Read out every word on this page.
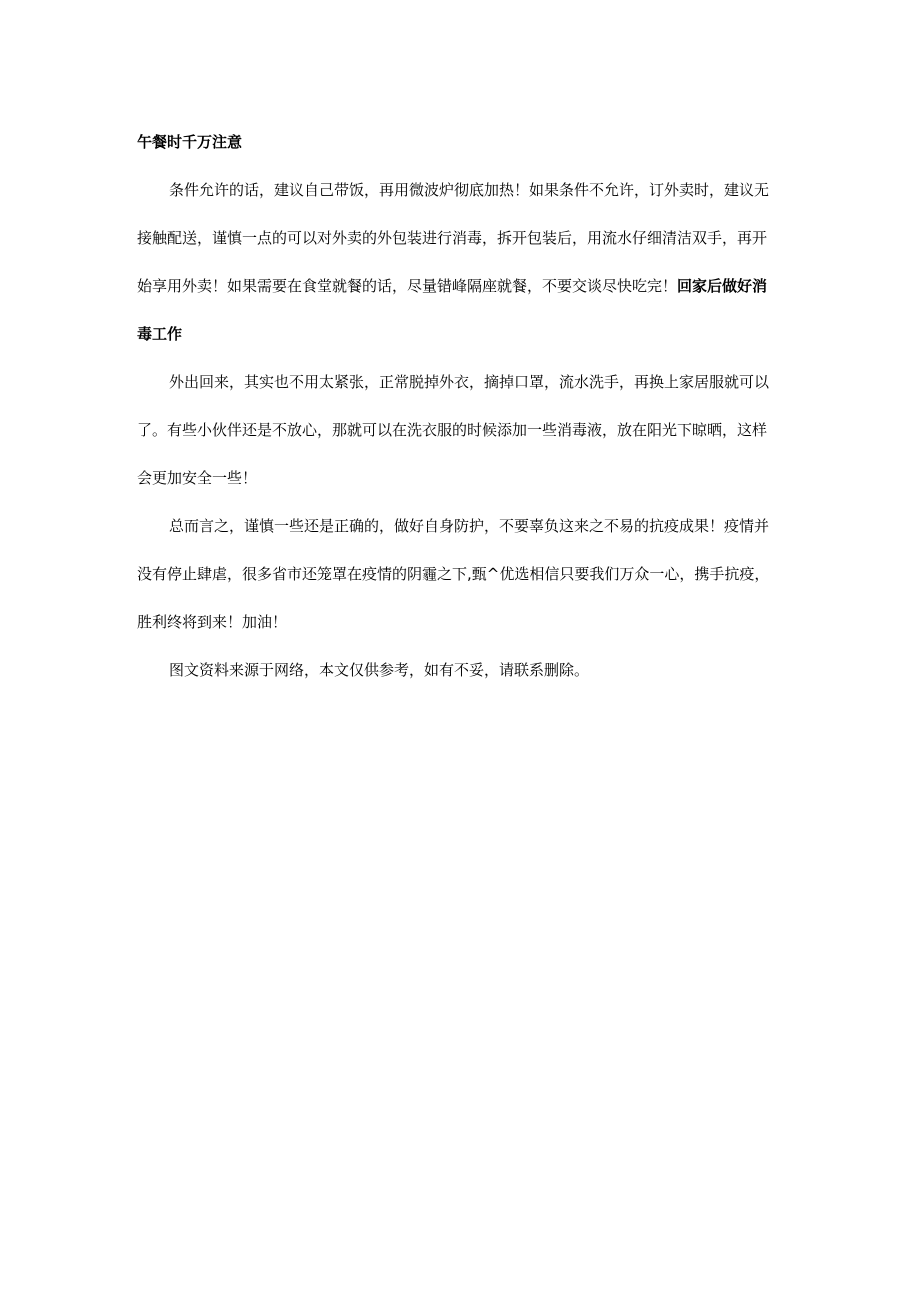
午餐时千万注意

条件允许的话，建议自己带饭，再用微波炉彻底加热！如果条件不允许，订外卖时，建议无
接触配送，谨慎一点的可以对外卖的外包装进行消毒，拆开包装后，用流水仔细清洁双手，再开
始享用外卖！如果需要在食堂就餐的话，尽量错峰隔座就餐，不要交谈尽快吃完！回家后做好消

毒工作

外出回来，其实也不用太紧张，正常脱掉外衣，摘掉口罩，流水洗手，再换上家居服就可以
了。有些小伙伴还是不放心，那就可以在洗衣服的时候添加一些消毒液，放在阳光下晾晒，这样
会更加安全一些！
总而言之，谨慎一些还是正确的，做好自身防护，不要辜负这来之不易的抗疫成果！疫情并
没有停止肆虐，很多省市还笼罩在疫情的阴霾之下,甄^优选相信只要我们万众一心，携手抗疫，
胜利终将到来！加油！
图文资料来源于网络，本文仅供参考，如有不妥，请联系删除。
